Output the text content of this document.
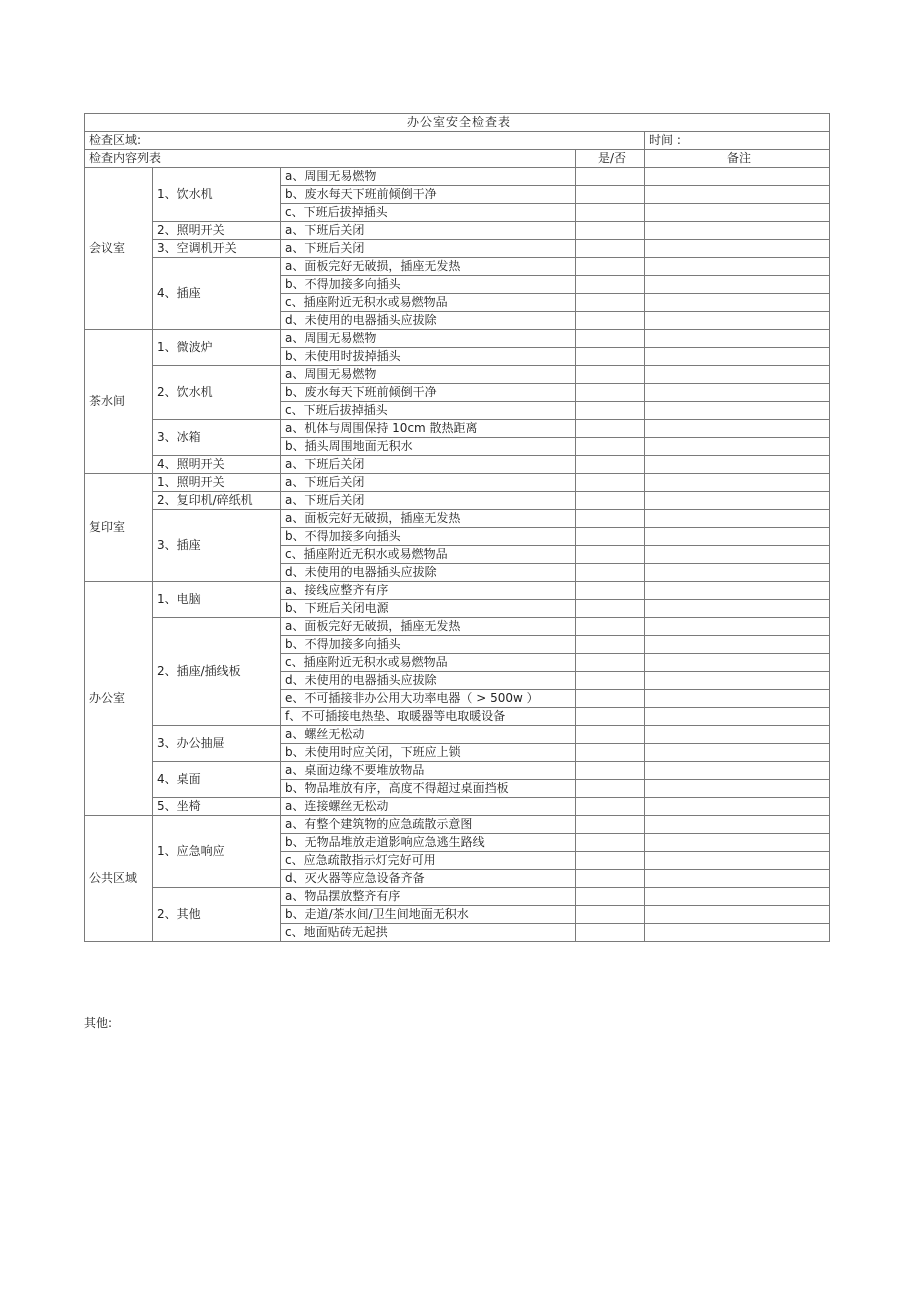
办公室安全检查表				
检查区域:				时间 :
检查内容列表			是/否	备注
会议室	1、饮水机	a、周围无易燃物		
		b、废水每天下班前倾倒干净		
		c、下班后拔掉插头		
	2、照明开关	a、下班后关闭		
	3、空调机开关	a、下班后关闭		
	4、插座	a、面板完好无破损，插座无发热		
		b、不得加接多向插头		
		c、插座附近无积水或易燃物品		
		d、未使用的电器插头应拔除		
茶水间	1、微波炉	a、周围无易燃物		
		b、未使用时拔掉插头		
	2、饮水机	a、周围无易燃物		
		b、废水每天下班前倾倒干净		
		c、下班后拔掉插头		
	3、冰箱	a、机体与周围保持 10cm 散热距离		
		b、插头周围地面无积水		
	4、照明开关	a、下班后关闭		
复印室	1、照明开关	a、下班后关闭		
	2、复印机/碎纸机	a、下班后关闭		
	3、插座	a、面板完好无破损，插座无发热		
		b、不得加接多向插头		
		c、插座附近无积水或易燃物品		
		d、未使用的电器插头应拔除		
办公室	1、电脑	a、接线应整齐有序		
		b、下班后关闭电源		
	2、插座/插线板	a、面板完好无破损，插座无发热		
		b、不得加接多向插头		
		c、插座附近无积水或易燃物品		
		d、未使用的电器插头应拔除		
		e、不可插接非办公用大功率电器（ > 500w ）		
		f、不可插接电热垫、取暖器等电取暖设备		
	3、办公抽屉	a、螺丝无松动		
		b、未使用时应关闭，下班应上锁		
	4、桌面	a、桌面边缘不要堆放物品		
		b、物品堆放有序，高度不得超过桌面挡板		
	5、坐椅	a、连接螺丝无松动		
公共区域	1、应急响应	a、有整个建筑物的应急疏散示意图		
		b、无物品堆放走道影响应急逃生路线		
		c、应急疏散指示灯完好可用		
		d、灭火器等应急设备齐备		
	2、其他	a、物品摆放整齐有序		
		b、走道/茶水间/卫生间地面无积水		
		c、地面贴砖无起拱		
其他:
